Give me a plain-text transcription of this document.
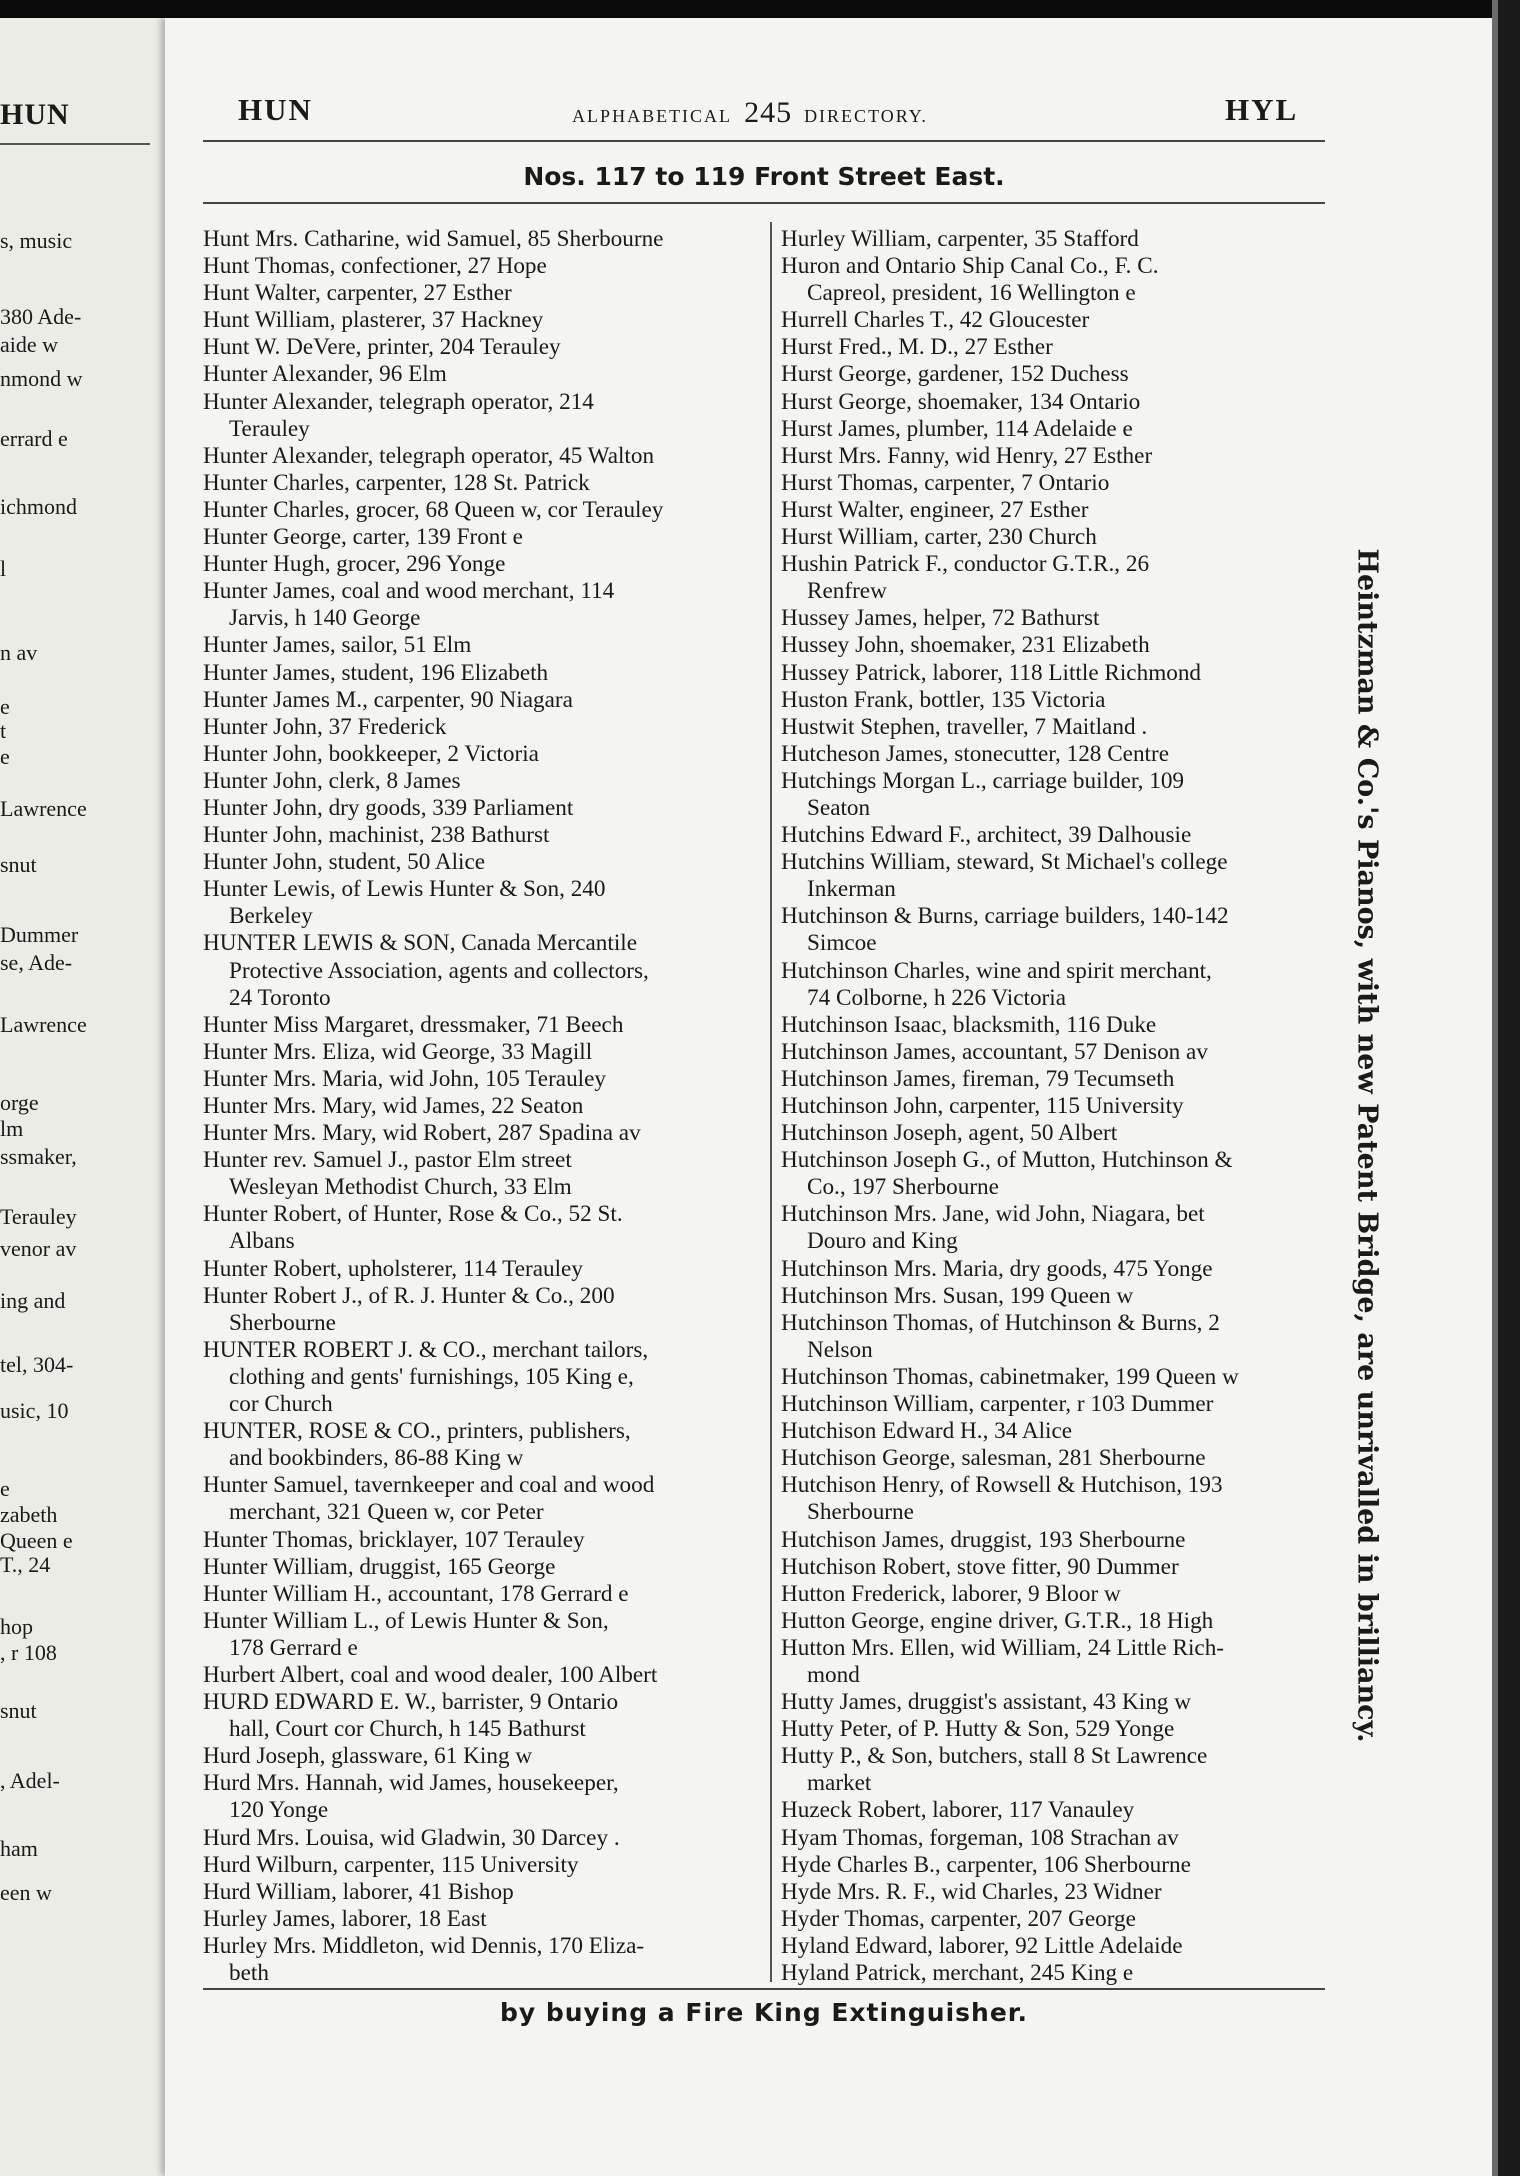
HUN
s, music
380 Ade-
aide w
nmond w
errard e
ichmond
l
n av
e
t
e
Lawrence
snut
Dummer
se, Ade-
Lawrence
orge
lm
ssmaker,
Terauley
venor av
ing and
tel, 304-
usic, 10
e
zabeth
Queen e
T., 24
hop
, r 108
snut
, Adel-
ham
een w
HUN	ALPHABETICAL 245 DIRECTORY.	HYL
Nos. 117 to 119 Front Street East.
Hunt Mrs. Catharine, wid Samuel, 85 Sherbourne
Hunt Thomas, confectioner, 27 Hope
Hunt Walter, carpenter, 27 Esther
Hunt William, plasterer, 37 Hackney
Hunt W. DeVere, printer, 204 Terauley
Hunter Alexander, 96 Elm
Hunter Alexander, telegraph operator, 214
Terauley
Hunter Alexander, telegraph operator, 45 Walton
Hunter Charles, carpenter, 128 St. Patrick
Hunter Charles, grocer, 68 Queen w, cor Terauley
Hunter George, carter, 139 Front e
Hunter Hugh, grocer, 296 Yonge
Hunter James, coal and wood merchant, 114
Jarvis, h 140 George
Hunter James, sailor, 51 Elm
Hunter James, student, 196 Elizabeth
Hunter James M., carpenter, 90 Niagara
Hunter John, 37 Frederick
Hunter John, bookkeeper, 2 Victoria
Hunter John, clerk, 8 James
Hunter John, dry goods, 339 Parliament
Hunter John, machinist, 238 Bathurst
Hunter John, student, 50 Alice
Hunter Lewis, of Lewis Hunter & Son, 240
Berkeley
HUNTER LEWIS & SON, Canada Mercantile
Protective Association, agents and collectors,
24 Toronto
Hunter Miss Margaret, dressmaker, 71 Beech
Hunter Mrs. Eliza, wid George, 33 Magill
Hunter Mrs. Maria, wid John, 105 Terauley
Hunter Mrs. Mary, wid James, 22 Seaton
Hunter Mrs. Mary, wid Robert, 287 Spadina av
Hunter rev. Samuel J., pastor Elm street
Wesleyan Methodist Church, 33 Elm
Hunter Robert, of Hunter, Rose & Co., 52 St.
Albans
Hunter Robert, upholsterer, 114 Terauley
Hunter Robert J., of R. J. Hunter & Co., 200
Sherbourne
HUNTER ROBERT J. & CO., merchant tailors,
clothing and gents' furnishings, 105 King e,
cor Church
HUNTER, ROSE & CO., printers, publishers,
and bookbinders, 86-88 King w
Hunter Samuel, tavernkeeper and coal and wood
merchant, 321 Queen w, cor Peter
Hunter Thomas, bricklayer, 107 Terauley
Hunter William, druggist, 165 George
Hunter William H., accountant, 178 Gerrard e
Hunter William L., of Lewis Hunter & Son,
178 Gerrard e
Hurbert Albert, coal and wood dealer, 100 Albert
HURD EDWARD E. W., barrister, 9 Ontario
hall, Court cor Church, h 145 Bathurst
Hurd Joseph, glassware, 61 King w
Hurd Mrs. Hannah, wid James, housekeeper,
120 Yonge
Hurd Mrs. Louisa, wid Gladwin, 30 Darcey .
Hurd Wilburn, carpenter, 115 University
Hurd William, laborer, 41 Bishop
Hurley James, laborer, 18 East
Hurley Mrs. Middleton, wid Dennis, 170 Eliza-
beth
Hurley William, carpenter, 35 Stafford
Huron and Ontario Ship Canal Co., F. C.
Capreol, president, 16 Wellington e
Hurrell Charles T., 42 Gloucester
Hurst Fred., M. D., 27 Esther
Hurst George, gardener, 152 Duchess
Hurst George, shoemaker, 134 Ontario
Hurst James, plumber, 114 Adelaide e
Hurst Mrs. Fanny, wid Henry, 27 Esther
Hurst Thomas, carpenter, 7 Ontario
Hurst Walter, engineer, 27 Esther
Hurst William, carter, 230 Church
Hushin Patrick F., conductor G.T.R., 26
Renfrew
Hussey James, helper, 72 Bathurst
Hussey John, shoemaker, 231 Elizabeth
Hussey Patrick, laborer, 118 Little Richmond
Huston Frank, bottler, 135 Victoria
Hustwit Stephen, traveller, 7 Maitland .
Hutcheson James, stonecutter, 128 Centre
Hutchings Morgan L., carriage builder, 109
Seaton
Hutchins Edward F., architect, 39 Dalhousie
Hutchins William, steward, St Michael's college
Inkerman
Hutchinson & Burns, carriage builders, 140-142
Simcoe
Hutchinson Charles, wine and spirit merchant,
74 Colborne, h 226 Victoria
Hutchinson Isaac, blacksmith, 116 Duke
Hutchinson James, accountant, 57 Denison av
Hutchinson James, fireman, 79 Tecumseth
Hutchinson John, carpenter, 115 University
Hutchinson Joseph, agent, 50 Albert
Hutchinson Joseph G., of Mutton, Hutchinson &
Co., 197 Sherbourne
Hutchinson Mrs. Jane, wid John, Niagara, bet
Douro and King
Hutchinson Mrs. Maria, dry goods, 475 Yonge
Hutchinson Mrs. Susan, 199 Queen w
Hutchinson Thomas, of Hutchinson & Burns, 2
Nelson
Hutchinson Thomas, cabinetmaker, 199 Queen w
Hutchinson William, carpenter, r 103 Dummer
Hutchison Edward H., 34 Alice
Hutchison George, salesman, 281 Sherbourne
Hutchison Henry, of Rowsell & Hutchison, 193
Sherbourne
Hutchison James, druggist, 193 Sherbourne
Hutchison Robert, stove fitter, 90 Dummer
Hutton Frederick, laborer, 9 Bloor w
Hutton George, engine driver, G.T.R., 18 High
Hutton Mrs. Ellen, wid William, 24 Little Rich-
mond
Hutty James, druggist's assistant, 43 King w
Hutty Peter, of P. Hutty & Son, 529 Yonge
Hutty P., & Son, butchers, stall 8 St Lawrence
market
Huzeck Robert, laborer, 117 Vanauley
Hyam Thomas, forgeman, 108 Strachan av
Hyde Charles B., carpenter, 106 Sherbourne
Hyde Mrs. R. F., wid Charles, 23 Widner
Hyder Thomas, carpenter, 207 George
Hyland Edward, laborer, 92 Little Adelaide
Hyland Patrick, merchant, 245 King e
Heintzman & Co.'s Pianos, with new Patent Bridge, are unrivalled in brilliancy.
by buying a Fire King Extinguisher.
